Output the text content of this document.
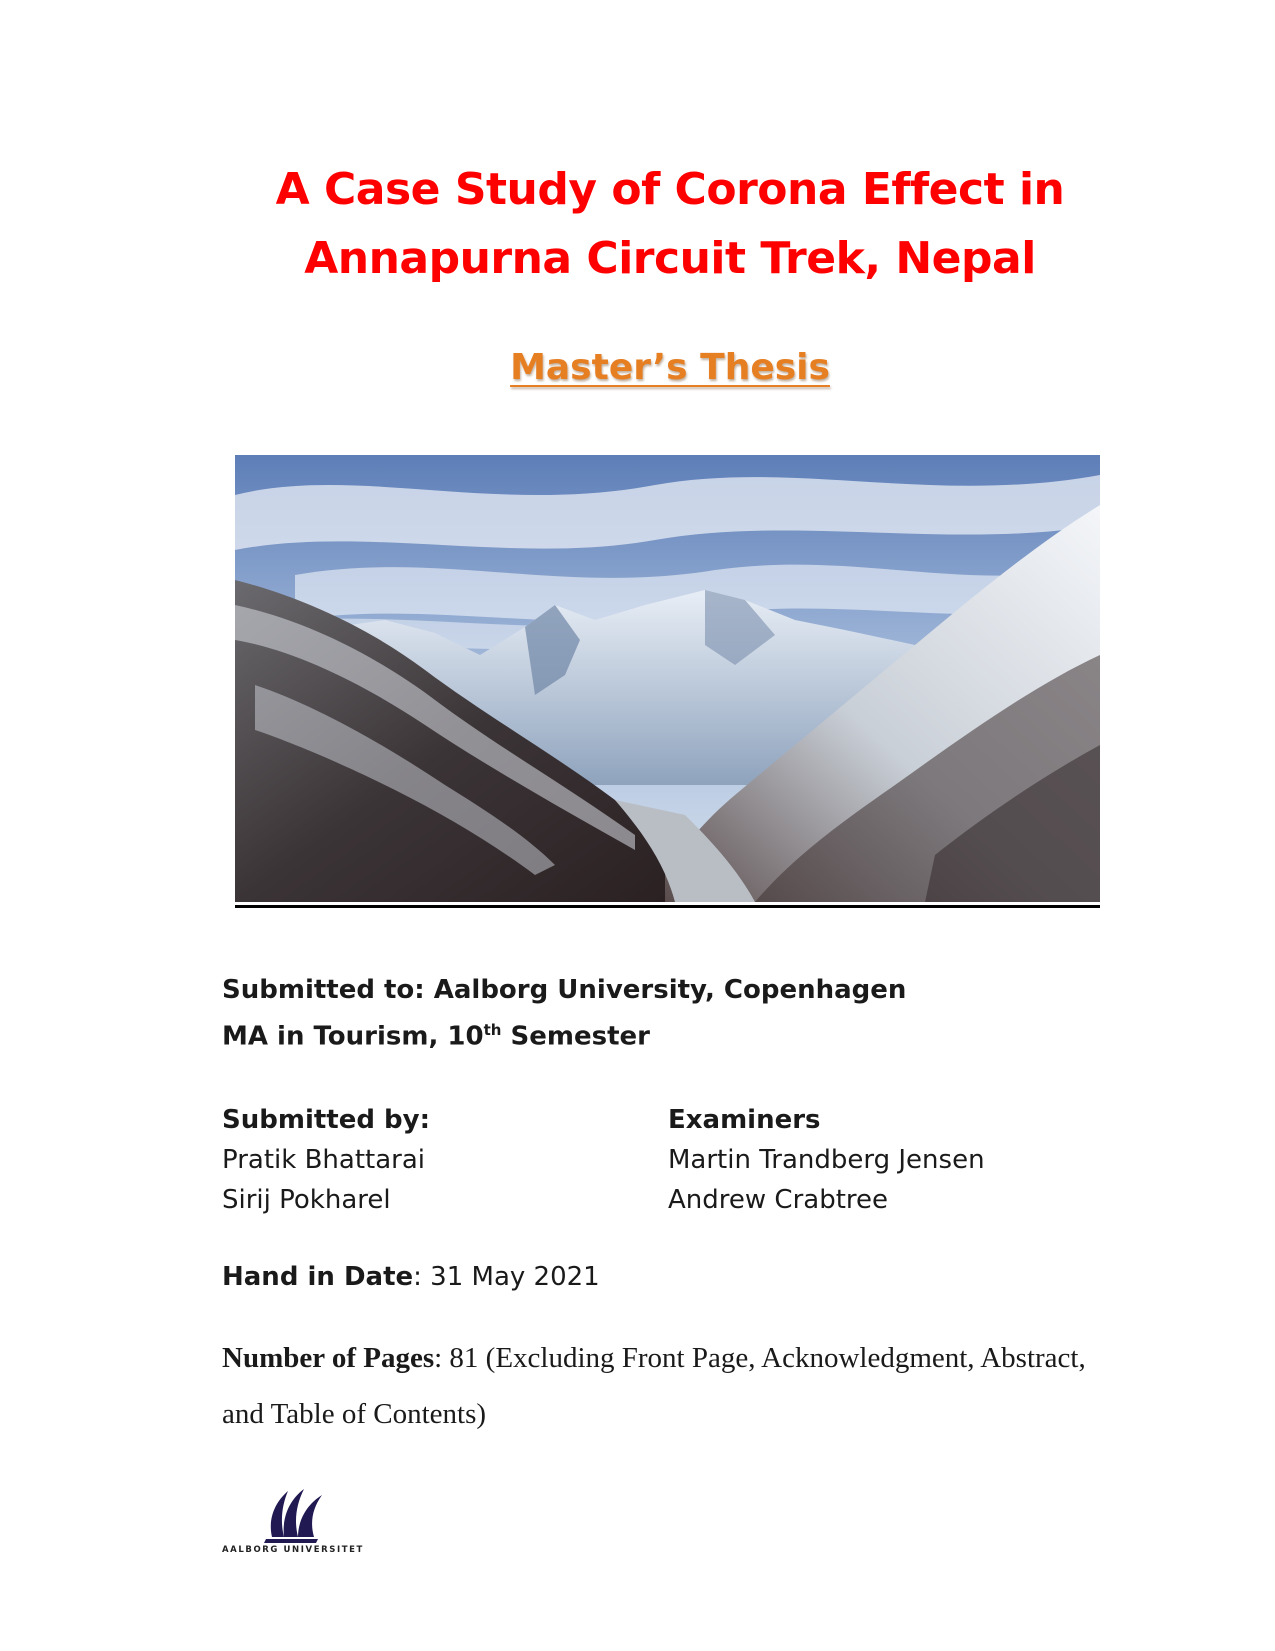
A Case Study of Corona Effect in
Annapurna Circuit Trek, Nepal
Master’s Thesis
Submitted to: Aalborg University, Copenhagen
MA in Tourism, 10th Semester
Submitted by:
Pratik Bhattarai
Sirij Pokharel
Examiners
Martin Trandberg Jensen
Andrew Crabtree
Hand in Date: 31 May 2021
Number of Pages: 81 (Excluding Front Page, Acknowledgment, Abstract, and Table of Contents)
AALBORG UNIVERSITET
